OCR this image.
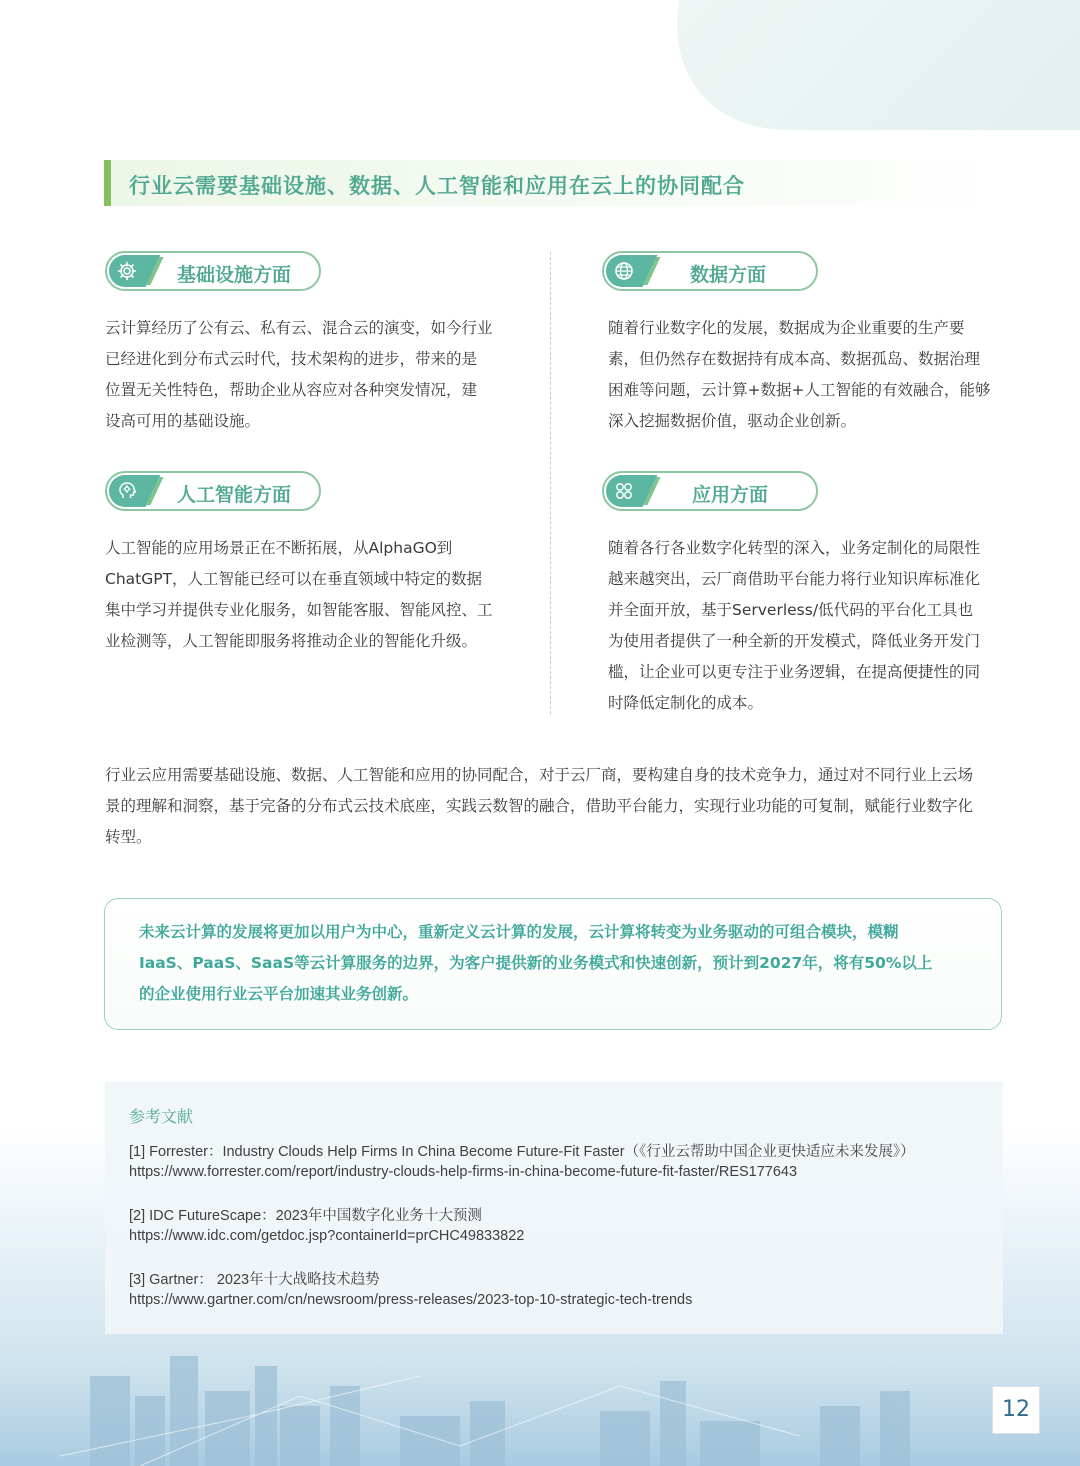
行业云需要基础设施、数据、人工智能和应用在云上的协同配合
基础设施方面	数据方面
人工智能方面	应用方面
云计算经历了公有云、私有云、混合云的演变，如今行业
已经进化到分布式云时代，技术架构的进步，带来的是
位置无关性特色，帮助企业从容应对各种突发情况，建
设高可用的基础设施。
随着行业数字化的发展，数据成为企业重要的生产要
素，但仍然存在数据持有成本高、数据孤岛、数据治理
困难等问题，云计算+数据+人工智能的有效融合，能够
深入挖掘数据价值，驱动企业创新。
人工智能的应用场景正在不断拓展，从AlphaGO到
ChatGPT，人工智能已经可以在垂直领域中特定的数据
集中学习并提供专业化服务，如智能客服、智能风控、工
业检测等，人工智能即服务将推动企业的智能化升级。
随着各行各业数字化转型的深入，业务定制化的局限性
越来越突出，云厂商借助平台能力将行业知识库标准化
并全面开放，基于Serverless/低代码的平台化工具也
为使用者提供了一种全新的开发模式，降低业务开发门
槛，让企业可以更专注于业务逻辑，在提高便捷性的同
时降低定制化的成本。
行业云应用需要基础设施、数据、人工智能和应用的协同配合，对于云厂商，要构建自身的技术竞争力，通过对不同行业上云场
景的理解和洞察，基于完备的分布式云技术底座，实践云数智的融合，借助平台能力，实现行业功能的可复制，赋能行业数字化
转型。

未来云计算的发展将更加以用户为中心，重新定义云计算的发展，云计算将转变为业务驱动的可组合模块，模糊
IaaS、PaaS、SaaS等云计算服务的边界，为客户提供新的业务模式和快速创新，预计到2027年，将有50%以上
的企业使用行业云平台加速其业务创新。

参考文献
[1] Forrester：Industry Clouds Help Firms In China Become Future-Fit Faster（《行业云帮助中国企业更快适应未来发展》）
https://www.forrester.com/report/industry-clouds-help-firms-in-china-become-future-fit-faster/RES177643
[2] IDC FutureScape：2023年中国数字化业务十大预测
https://www.idc.com/getdoc.jsp?containerId=prCHC49833822
[3] Gartner： 2023年十大战略技术趋势
https://www.gartner.com/cn/newsroom/press-releases/2023-top-10-strategic-tech-trends
12
